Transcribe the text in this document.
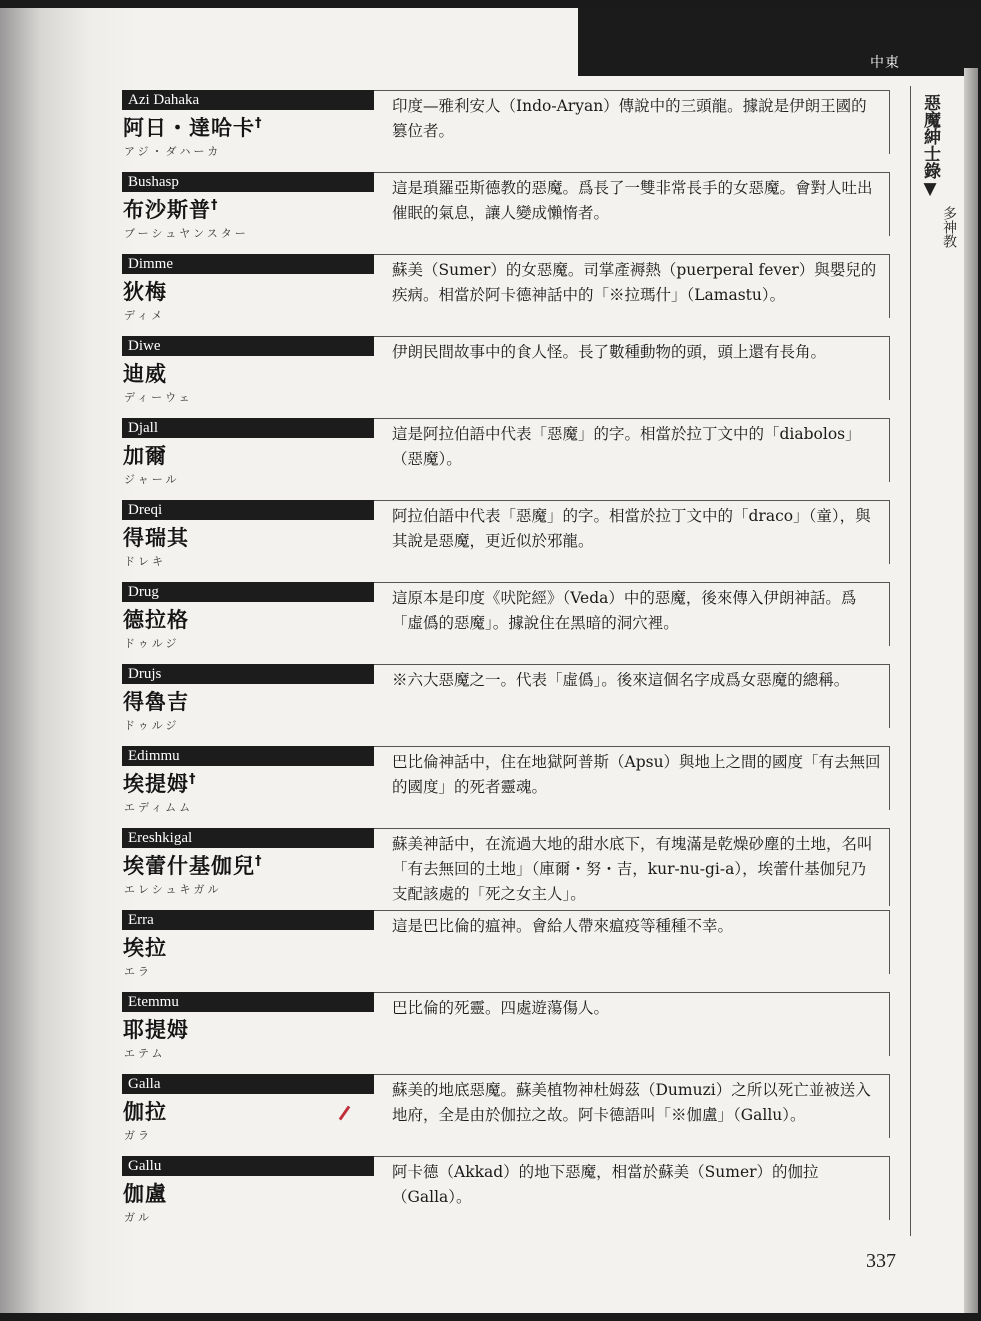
中東
惡魔紳士錄▼
多神教
Azi Dahaka
阿日・達哈卡†
アジ・ダハーカ
印度—雅利安人（Indo-Aryan）傳說中的三頭龍。據說是伊朗王國的篡位者。
Bushasp
布沙斯普†
ブーシュヤンスター
這是瑣羅亞斯德教的惡魔。爲長了一雙非常長手的女惡魔。會對人吐出催眠的氣息，讓人變成懶惰者。
Dimme
狄梅
ディメ
蘇美（Sumer）的女惡魔。司掌產褥熱（puerperal fever）與嬰兒的疾病。相當於阿卡德神話中的「※拉瑪什」（Lamastu）。
Diwe
迪威
ディーウェ
伊朗民間故事中的食人怪。長了數種動物的頭，頭上還有長角。
Djall
加爾
ジャール
這是阿拉伯語中代表「惡魔」的字。相當於拉丁文中的「diabolos」（惡魔）。
Dreqi
得瑞其
ドレキ
阿拉伯語中代表「惡魔」的字。相當於拉丁文中的「draco」（童），與其說是惡魔，更近似於邪龍。
Drug
德拉格
ドゥルジ
這原本是印度《吠陀經》（Veda）中的惡魔，後來傳入伊朗神話。爲「虛僞的惡魔」。據說住在黑暗的洞穴裡。
Drujs
得魯吉
ドゥルジ
※六大惡魔之一。代表「虛僞」。後來這個名字成爲女惡魔的總稱。
Edimmu
埃提姆†
エディムム
巴比倫神話中，住在地獄阿普斯（Apsu）與地上之間的國度「有去無回的國度」的死者靈魂。
Ereshkigal
埃蕾什基伽兒†
エレシュキガル
蘇美神話中，在流過大地的甜水底下，有塊滿是乾燥砂塵的土地，名叫「有去無回的土地」（庫爾・努・吉，kur-nu-gi-a），埃蕾什基伽兒乃支配該處的「死之女主人」。
Erra
埃拉
エラ
這是巴比倫的瘟神。會給人帶來瘟疫等種種不幸。
Etemmu
耶提姆
エテム
巴比倫的死靈。四處遊蕩傷人。
Galla
伽拉
ガラ
蘇美的地底惡魔。蘇美植物神杜姆茲（Dumuzi）之所以死亡並被送入地府，全是由於伽拉之故。阿卡德語叫「※伽盧」（Gallu）。
Gallu
伽盧
ガル
阿卡德（Akkad）的地下惡魔，相當於蘇美（Sumer）的伽拉（Galla）。
337
